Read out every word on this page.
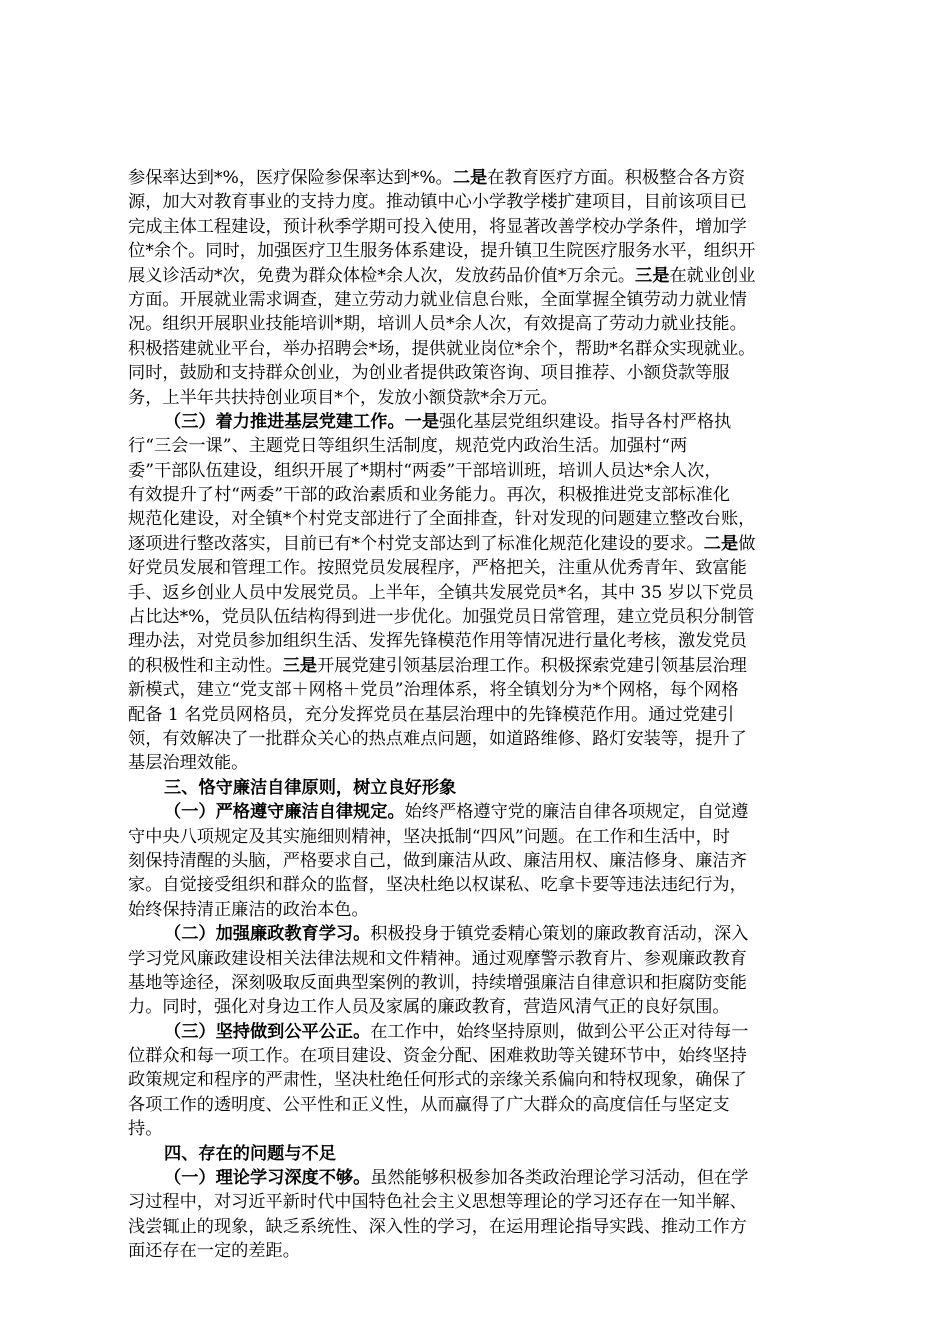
参保率达到*%，医疗保险参保率达到*%。二是在教育医疗方面。积极整合各方资
源，加大对教育事业的支持力度。推动镇中心小学教学楼扩建项目，目前该项目已
完成主体工程建设，预计秋季学期可投入使用，将显著改善学校办学条件，增加学
位*余个。同时，加强医疗卫生服务体系建设，提升镇卫生院医疗服务水平，组织开
展义诊活动*次，免费为群众体检*余人次，发放药品价值*万余元。三是在就业创业
方面。开展就业需求调查，建立劳动力就业信息台账，全面掌握全镇劳动力就业情
况。组织开展职业技能培训*期，培训人员*余人次，有效提高了劳动力就业技能。
积极搭建就业平台，举办招聘会*场，提供就业岗位*余个，帮助*名群众实现就业。
同时，鼓励和支持群众创业，为创业者提供政策咨询、项目推荐、小额贷款等服
务，上半年共扶持创业项目*个，发放小额贷款*余万元。
（三）着力推进基层党建工作。一是强化基层党组织建设。指导各村严格执
行“三会一课”、主题党日等组织生活制度，规范党内政治生活。加强村“两
委”干部队伍建设，组织开展了*期村“两委”干部培训班，培训人员达*余人次，
有效提升了村“两委”干部的政治素质和业务能力。再次，积极推进党支部标准化
规范化建设，对全镇*个村党支部进行了全面排查，针对发现的问题建立整改台账，
逐项进行整改落实，目前已有*个村党支部达到了标准化规范化建设的要求。二是做
好党员发展和管理工作。按照党员发展程序，严格把关，注重从优秀青年、致富能
手、返乡创业人员中发展党员。上半年，全镇共发展党员*名，其中 35 岁以下党员
占比达*%，党员队伍结构得到进一步优化。加强党员日常管理，建立党员积分制管
理办法，对党员参加组织生活、发挥先锋模范作用等情况进行量化考核，激发党员
的积极性和主动性。三是开展党建引领基层治理工作。积极探索党建引领基层治理
新模式，建立“党支部＋网格＋党员”治理体系，将全镇划分为*个网格，每个网格
配备 1 名党员网格员，充分发挥党员在基层治理中的先锋模范作用。通过党建引
领，有效解决了一批群众关心的热点难点问题，如道路维修、路灯安装等，提升了
基层治理效能。
三、恪守廉洁自律原则，树立良好形象
（一）严格遵守廉洁自律规定。始终严格遵守党的廉洁自律各项规定，自觉遵
守中央八项规定及其实施细则精神，坚决抵制“四风”问题。在工作和生活中，时
刻保持清醒的头脑，严格要求自己，做到廉洁从政、廉洁用权、廉洁修身、廉洁齐
家。自觉接受组织和群众的监督，坚决杜绝以权谋私、吃拿卡要等违法违纪行为，
始终保持清正廉洁的政治本色。
（二）加强廉政教育学习。积极投身于镇党委精心策划的廉政教育活动，深入
学习党风廉政建设相关法律法规和文件精神。通过观摩警示教育片、参观廉政教育
基地等途径，深刻吸取反面典型案例的教训，持续增强廉洁自律意识和拒腐防变能
力。同时，强化对身边工作人员及家属的廉政教育，营造风清气正的良好氛围。
（三）坚持做到公平公正。在工作中，始终坚持原则，做到公平公正对待每一
位群众和每一项工作。在项目建设、资金分配、困难救助等关键环节中，始终坚持
政策规定和程序的严肃性，坚决杜绝任何形式的亲缘关系偏向和特权现象，确保了
各项工作的透明度、公平性和正义性，从而赢得了广大群众的高度信任与坚定支
持。
四、存在的问题与不足
（一）理论学习深度不够。虽然能够积极参加各类政治理论学习活动，但在学
习过程中，对习近平新时代中国特色社会主义思想等理论的学习还存在一知半解、
浅尝辄止的现象，缺乏系统性、深入性的学习，在运用理论指导实践、推动工作方
面还存在一定的差距。
